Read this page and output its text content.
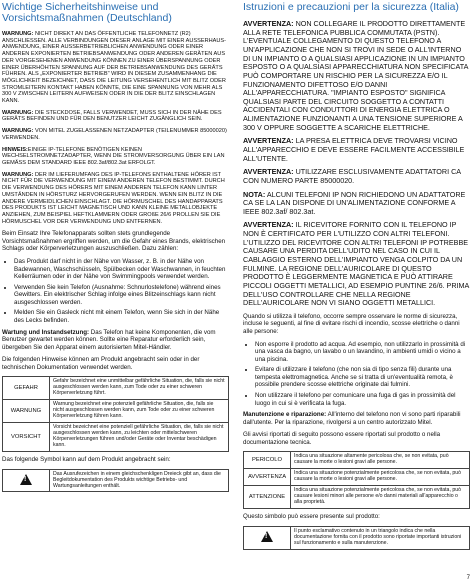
Wichtige Sicherheitshinweise und Vorsichtsmaßnahmen (Deutschland)

WARNUNG: NICHT DIREKT AN DAS ÖFFENTLICHE TELEFONNETZ (R2) ANSCHLIESSEN. ALLE VERBINDUNGEN DIESER ANLAGE MIT EINER AUSSERHAUS-ANWENDUNG, EINER AUSSERBETRIEBLICHEN ANWENDUNG ODER EINER ANDEREN EXPONIERTEN BETRIEBSANWENDUNG ODER ANDEREN GERÄTEN AUS DER VORGESEHENEN ANWENDUNG KÖNNEN ZU EINER ÜBERSPANNUNG ODER EINER ÜBERHÖHTEN SPANNUNG AUF DER BETRIEBSANWENDUNG DES GERÄTS FÜHREN. ALS „EXPONIERTER BETRIEB" WIRD IN DIESEM ZUSAMMENHANG DIE MÖGLICHKEIT BEZEICHNET, DASS DIE LEITUNG VERSEHENTLICH MIT BLITZ ODER STROMLEITERN KONTAKT HABEN KÖNNTE, DIE EINE SPANNUNG VON MEHR ALS 300 V ZWISCHEN LEITERN AUFWEISEN ODER IN DIE DER BLITZ EINSCHLAGEN KANN.

WARNUNG: DIE STECKDOSE, FALLS VERWENDET, MUSS SICH IN DER NÄHE DES GERÄTS BEFINDEN UND FÜR DEN BENUTZER LEICHT ZUGÄNGLICH SEIN.

WARNUNG: VON MITEL ZUGELASSENEN NETZADAPTER (TEILENUMMER 85000020) VERWENDEN.

HINWEIS:EINIGE IP-TELEFONE BENÖTIGEN KEINEN WECHSELSTROMNETZADAPTER, WENN DIE STROMVERSORGUNG ÜBER EIN LAN GEMÄSS DEM STANDARD IEEE 802.3af/802.3at ERFOLGT.

WARNUNG: DER IM LIEFERUMFANG DES IP-TELEFONS ENTHALTENE HÖRER IST NICHT FÜR DIE VERWENDUNG MIT EINEM ANDEREN TELEFON BESTIMMT. DURCH DIE VERWENDUNG DES HÖRERS MIT EINEM ANDEREN TELEFON KANN LINTER UMSTÄNDEN IN HÖRSTURZ HERVORGERUFEN WERDEN. WENN EIN BLITZ IN DIE ANDERE VERMEIDLICHEN EINSCHLAGT. DIE HÖRMUSCHEL DES HANDAPPARATS DES PRODUKTS IST LEICHT MAGNETISCH UND KANN KLEINE METALLOBJEKTE ANZIEHEN, ZUM BEISPIEL HEFTKLAMMERN ODER GROßE 26/6 PROLLEN SIE DIE HÖRMUSCHEL VOR DER VERWENDUNG UND ENTFERNEN.

Beim Einsatz Ihre Telefonapparats sollten stets grundlegende Vorsichtsmaßnahmen ergriffen werden, um die Gefahr eines Brands, elektrischen Schlags oder Körperverletzungen auszuschließen. Dazu zählen:

• Das Produkt darf nicht in der Nähe von Wasser, z. B. in der Nähe von Badewannen, Waschschüsseln, Spülbecken oder Waschwannen, in feuchten Kellerräumen oder in der Nähe von Swimmingpools verwendet werden.
• Verwenden Sie kein Telefon (Ausnahme: Schnurlostelefone) während eines Gewitters. Ein elektrischer Schlag infolge eines Blitzeinschlags kann nicht ausgeschlossen werden.
• Melden Sie ein Gasleck nicht mit einem Telefon, wenn Sie sich in der Nähe des Lecks befinden.

Wartung und Instandsetzung: Das Telefon hat keine Komponenten, die vom Benutzer gewartet werden können. Sollte eine Reparatur erforderlich sein, übergeben Sie den Apparat einem autorisierten Mitel-Händler.

Die folgenden Hinweise können am Produkt angebracht sein oder in der technischen Dokumentation verwendet werden.

GEFAHR	Gefahr bezeichnet eine unmittelbar gefährliche Situation, die, falls sie nicht ausgeschlossen werden kann, zum Tode oder zu einer schweren Körperverletzung führt.
WARNUNG	Warnung bezeichnet eine potenziell gefährliche Situation, die, falls sie nicht ausgeschlossen werden kann, zum Tode oder zu einer schweren Körperverletzung führen kann.
VORSICHT	Vorsicht bezeichnet eine potenziell gefährliche Situation, die, falls sie nicht ausgeschlossen werden kann, zu leichten oder mittelschweren Körperverletzungen führen und/oder Geräte oder Inventar beschädigen kann.

Das folgende Symbol kann auf dem Produkt angebracht sein:

!
	Das Ausrufezeichen in einem gleichschenkligen Dreieck gibt an, dass die Begleitdokumentation des Produkts wichtige Betriebs- und Wartungsanleitungen enthält.
Istruzioni e precauzioni per la sicurezza (Italia)

AVVERTENZA: NON COLLEGARE IL PRODOTTO DIRETTAMENTE ALLA RETE TELEFONICA PUBBLICA COMMUTATA (PSTN). L'EVENTUALE COLLEGAMENTO DI QUESTO TELEFONO A UN'APPLICAZIONE CHE NON SI TROVI IN SEDE O ALL'INTERNO DI UN IMPIANTO O A QUALSIASI APPLICAZIONE IN UN IMPIANTO ESPOSTO O A QUALSIASI APPARECCHIATURA NON SPECIFICATA PUÒ COMPORTARE UN RISCHIO PER LA SICUREZZA E/O IL FUNZIONAMENTO DIFETTOSO E/O DANNI ALL'APPARECCHIATURA. "IMPIANTO ESPOSTO" SIGNIFICA QUALSIASI PARTE DEL CIRCUITO SOGGETTO A CONTATTI ACCIDENTALI CON CONDUTTORI DI ENERGIA ELETTRICA O ALIMENTAZIONE FUNZIONANTI A UNA TENSIONE SUPERIORE A 300 V OPPURE SOGGETTE A SCARICHE ELETTRICHE.

AVVERTENZA: LA PRESA ELETTRICA DEVE TROVARSI VICINO ALL'APPARECCHIO E DEVE ESSERE FACILMENTE ACCESSIBILE ALL'UTENTE.

AVVERTENZA: UTILIZZARE ESCLUSIVAMENTE ADATTATORI CA CON NUMERO PARTE 85000020.

NOTA: ALCUNI TELEFONI IP NON RICHIEDONO UN ADATTATORE CA SE LA LAN DISPONE DI UN'ALIMENTAZIONE CONFORME A IEEE 802.3af/ 802.3at.

AVVERTENZA: IL RICEVITORE FORNITO CON IL TELEFONO IP NON È CERTIFICATO PER L'UTILIZZO CON ALTRI TELEFONI. L'UTILIZZO DEL RICEVITORE CON ALTRI TELEFONI IP POTREBBE CAUSARE UNA PERDITA DELL'UDITO NEL CASO IN CUI IL CABLAGGIO ESTERNO DELL'IMPIANTO VENGA COLPITO DA UN FULMINE. LA REGIONE DELL'AURICOLARE DI QUESTO PRODOTTO È LEGGERMENTE MAGNETICA E PUÒ ATTIRARE PICCOLI OGGETTI METALLICI, AD ESEMPIO PUNTINE 26/6. PRIMA DELL'USO CONTROLLARE CHE NELLA REGIONE DELL'AURICOLARE NON VI SIANO OGGETTI METALLICI.

Quando si utilizza il telefono, occorre sempre osservare le norme di sicurezza, incluse le seguenti, al fine di evitare rischi di incendio, scosse elettriche o danni alle persone:

• Non esporre il prodotto ad acqua. Ad esempio, non utilizzarlo in prossimità di una vasca da bagno, un lavabo o un lavandino, in ambienti umidi o vicino a una piscina.
• Evitare di utilizzare il telefono (che non sia di tipo senza fili) durante una tempesta elettromagnetica. Anche se si tratta di un'eventualità remota, è possibile prendere scosse elettriche originate dai fulmini.
• Non utilizzare il telefono per comunicare una fuga di gas in prossimità del luogo in cui si è verificata la fuga.

Manutenzione e riparazione: All'interno del telefono non vi sono parti riparabili dall'utente. Per la riparazione, rivolgersi a un centro autorizzato Mitel.

Gli avvisi riportati di seguito possono essere riportati sul prodotto o nella documentazione tecnica.

PERICOLO	Indica una situazione altamente pericolosa che, se non evitata, può causare la morte o lesioni gravi alle persone.
AVVERTENZA	Indica una situazione potenzialmente pericolosa che, se non evitata, può causare la morte o lesioni gravi alle persone.
ATTENZIONE	Indica una situazione potenzialmente pericolosa che, se non evitata, può causare lesioni minori alle persone e/o danni materiali all'apparecchio o alla proprietà.

Questo simbolo può essere presente sul prodotto:

!
	Il punto esclamativo contenuto in un triangolo indica che nella documentazione fornita con il prodotto sono riportate importanti istruzioni sul funzionamento e sulla manutenzione.
7
